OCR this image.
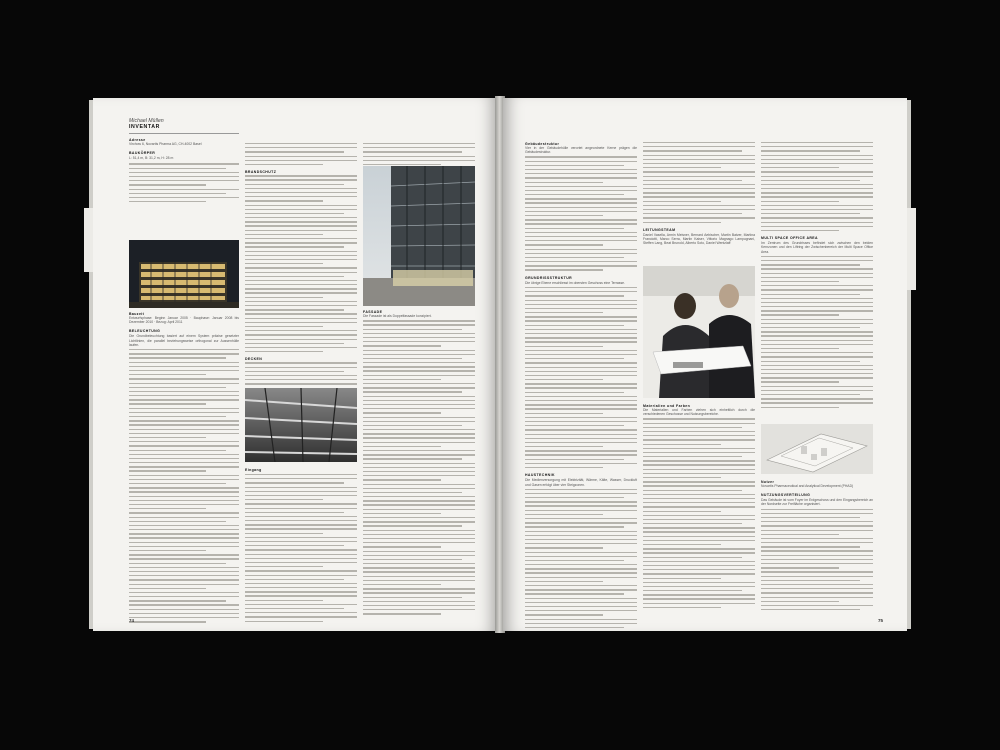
Michael Müllen
INVENTAR
Adresse

Virchow 6, Novartis Pharma AG, CH-4002 Basel

BAUKÖRPER

L: 51,4 m, B: 31,2 m, H: 28 m

Bauzeit

Entwurfsphase: Beginn Januar 2005 · Bauphase: Januar 2008 bis Dezember 2010 · Bezug: April 2011

BELEUCHTUNG

Die Grundbeleuchtung basiert auf einem System präzise gesetzter Lichtlinien, die parallel beziehungsweise orthogonal zur Aussenhülle laufen.

BRANDSCHUTZ
DECKEN
Eingang
FASSADE

Die Fassade ist als Doppelfassade konzipiert.

74
Gebäudestruktur

Vier in der Gebäudehülle verortet angeordnete Kerne prägen die Gebäudestruktur.

GRUNDRISSSTRUKTUR

Die übrige Ebene erschliesst im obersten Geschoss eine Terrasse.

HAUSTECHNIK

Die Medienversorgung mit Elektrizität, Wärme, Kälte, Wasser, Druckluft und Gasen erfolgt über vier Steigzonen.

LEITUNGSTEAM

Daniel Vasella, Armin Meisner, Bernard Aebischer, Martin Batzer, Martina Franciotti, Marco Serra, Martin Kaiser, Vittorio Magnago Lampugnani, Steffen Lang, Beat Brunold, Alberto Soto, Daniel Wentzlaff

Materialien und Farben

Die Materialien und Farben ziehen sich einheitlich durch die verschiedenen Geschosse und Nutzungsbereiche.

MULTI SPACE OFFICE AREA

Im Zentrum des Grundrisses befindet sich zwischen den beiden Kernzonen und den Liftring der Zwischenbereich der Multi Space Office Area.

Nutzer

Novartis Pharmaceutical and Analytical Development (PHAD)

NUTZUNGSVERTEILUNG

Das Gebäude ist vom Foyer im Erdgeschoss und den Eingangsbereich an der Nordseite zur Freifläche organisiert.

75
